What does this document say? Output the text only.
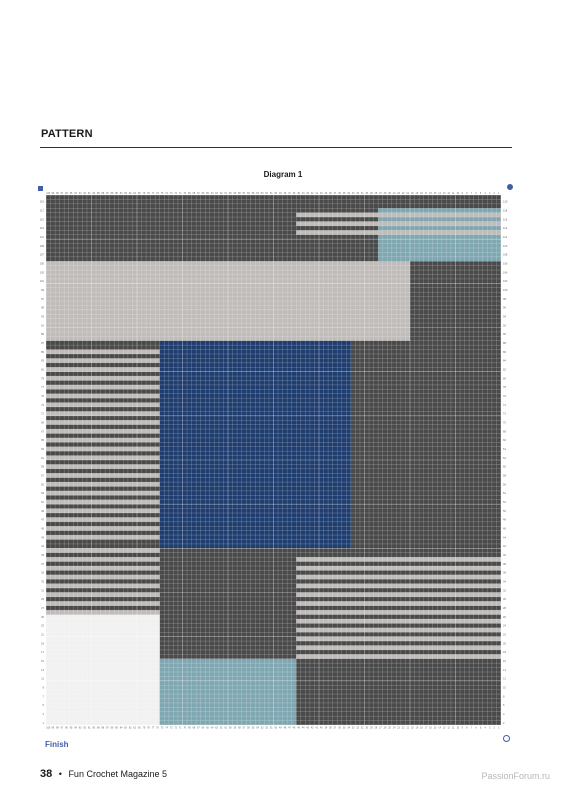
PATTERN
Diagram 1
100 99 98 97 96 95 94 93 92 91 90 89 88 87 86 85 84 83 82 81 80 79 78 77 76 75 74 73 72 71 70 69 68 67 66 65 64 63 62 61 60 59 58 57 56 55 54 53 52 51 50 49 48 47 46 45 44 43 42 41 40 39 38 37 36 35 34 33 32 31 30 29 28 27 26 25 24 23 22 21 20 19 18 17 16 15 14 13 12 11 10 9 8 7 6 5 4 3 2 1
1	2
3	4
5	6
7	8
9	10
11	12
13	14
15	16
17	18
19	20
21	22
23	24
25	26
27	28
29	30
31	32
33	34
35	36
37	38
39	40
41	42
43	44
45	46
47	48
49	50
51	52
53	54
55	56
57	58
59	60
61	62
63	64
65	66
67	68
69	70
71	72
73	74
75	76
77	78
79	80
81	82
83	84
85	86
87	88
89	90
91	92
93	94
95	96
97	98
99	100
101	102
103	104
105	106
107	108
109	110
111	112
113	114
115	116
117	118
119	120
100 99 98 97 96 95 94 93 92 91 90 89 88 87 86 85 84 83 82 81 80 79 78 77 76 75 74 73 72 71 70 69 68 67 66 65 64 63 62 61 60 59 58 57 56 55 54 53 52 51 50 49 48 47 46 45 44 43 42 41 40 39 38 37 36 35 34 33 32 31 30 29 28 27 26 25 24 23 22 21 20 19 18 17 16 15 14 13 12 11 10 9 8 7 6 5 4 3 2 1
Finish
38 • Fun Crochet Magazine 5	PassionForum.ru
